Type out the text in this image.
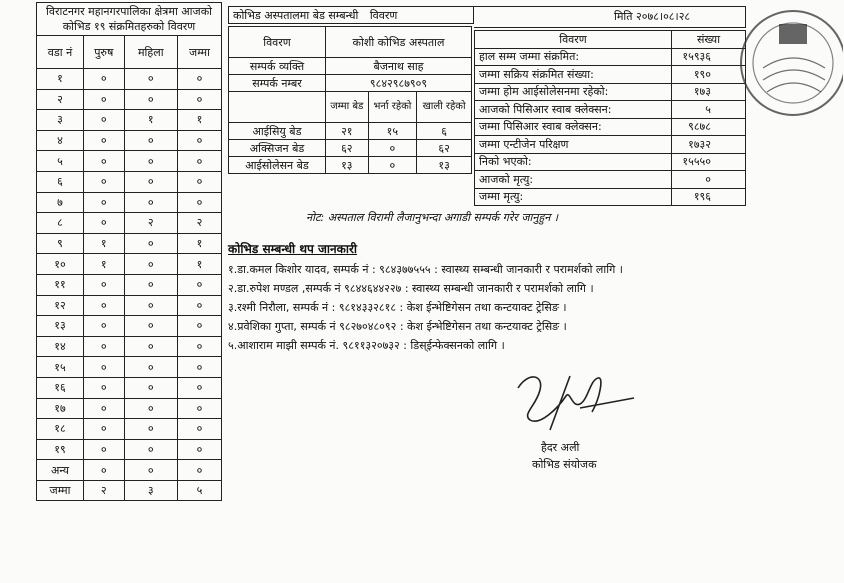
विराटनगर महानगरपालिका क्षेत्रमा आजको कोभिड १९ संक्रमितहरुको विवरण
वडा नं	पुरुष	महिला	जम्मा
१	०	०	०
२	०	०	०
३	०	१	१
४	०	०	०
५	०	०	०
६	०	०	०
७	०	०	०
८	०	२	२
९	१	०	१
१०	१	०	१
११	०	०	०
१२	०	०	०
१३	०	०	०
१४	०	०	०
१५	०	०	०
१६	०	०	०
१७	०	०	०
१८	०	०	०
१९	०	०	०
अन्य	०	०	०
जम्मा	२	३	५
कोभिड अस्पतालमा बेड सम्बन्धी विवरण
विवरण	कोशी कोभिड अस्पताल		
सम्पर्क व्यक्ति	बैजनाथ साह		
सम्पर्क नम्बर	९८४२९८७९०९		
	जम्मा बेड	भर्ना रहेको	खाली रहेको
आईसियु बेड	२१	१५	६
अक्सिजन बेड	६२	०	६२
आईसोलेसन बेड	१३	०	१३
मिति २०७८।०८।२८
विवरण	संख्या
हाल सम्म जम्मा संक्रमित:	१५९३६
जम्मा सक्रिय संक्रमित संख्या:	१९०
जम्मा होम आईसोलेसनमा रहेको:	१७३
आजको पिसिआर स्वाब क्लेक्सन:	५
जम्मा पिसिआर स्वाब क्लेक्सन:	९८७८
जम्मा एन्टीजेन परिक्षण	१७३२
निको भएको:	१५५५०
आजको मृत्यु:	०
जम्मा मृत्यु:	१९६
नोट: अस्पताल विरामी लैजानुभन्दा अगाडी सम्पर्क गरेर जानुहुन ।
कोभिड सम्बन्धी थप जानकारी
१.डा.कमल किशोर यादव, सम्पर्क नं : ९८४३७७५५५ : स्वास्थ्य सम्बन्धी जानकारी र परामर्शको लागि ।
२.डा.रुपेश मण्डल ,सम्पर्क नं ९८४४६४४२२७ : स्वास्थ्य सम्बन्धी जानकारी र परामर्शको लागि ।
३.रश्मी निरौला, सम्पर्क नं : ९८१४३३२८१८ : केश ईन्भेष्टिगेसन तथा कन्टयाक्ट ट्रेसिङ ।
४.प्रवेशिका गुप्ता, सम्पर्क नं ९८२७०४८०९२ : केश ईन्भेष्टिगेसन तथा कन्टयाक्ट ट्रेसिङ ।
५.आशाराम माझी सम्पर्क नं. ९८११३२०७३२ : डिस्ईन्फेक्सनको लागि ।
हैदर अली
कोभिड संयोजक
